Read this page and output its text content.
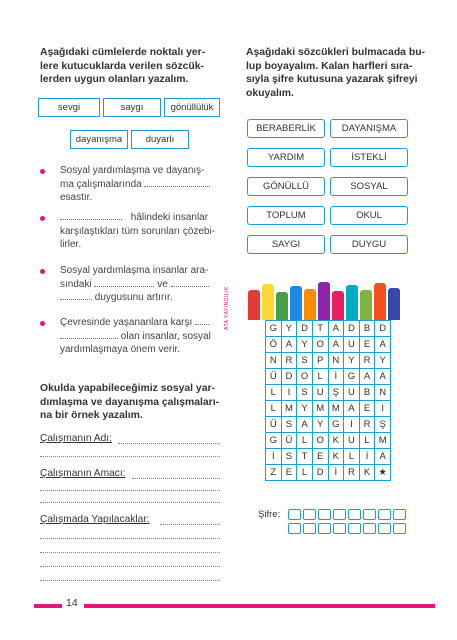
Aşağıdaki cümlelerde noktalı yer-
lere kutucuklarda verilen sözcük-
lerden uygun olanları yazalım.
sevgi	saygı	gönüllülük
dayanışma duyarlı
Sosyal yardımlaşma ve dayanış-
ma çalışmalarında
esastır.
hâlindeki insanlar
karşılaştıkları tüm sorunları çözebi-
lirler.
Sosyal yardımlaşma insanlar ara-
sındaki	ve
duygusunu artırır.
Çevresinde yaşananlara karşı
olan insanlar, sosyal
yardımlaşmaya önem verir.
Okulda yapabileceğimiz sosyal yar-
dımlaşma ve dayanışma çalışmaları-
na bir örnek yazalım.
Çalışmanın Adı:
Çalışmanın Amacı:
Çalışmada Yapılacaklar:
ATA YAYINCILIK
Aşağıdaki sözcükleri bulmacada bu-
lup boyayalım. Kalan harfleri sıra-
sıyla şifre kutusuna yazarak şifreyi
okuyalım.
BERABERLİK	DAYANIŞMA
YARDIM	İSTEKLİ
GÖNÜLLÜ	SOSYAL
TOPLUM	OKUL
SAYGI	DUYGU
G	Y	D	T	A	D	B	D
Ö	A	Y	O	A	U	E	A
N	R	S	P	N	Y	R	Y
Ü	D	O	L	İ	G	A	A
L	I	S	U	Ş	U	B	N
L	M	Y	M	M	A	E	I
Ü	S	A	Y	G	I	R	Ş
G	Ü	L	O	K	U	L	M
İ	S	T	E	K	L	İ	A
Z	E	L	D	İ	R	K	★
Şifre:
14
